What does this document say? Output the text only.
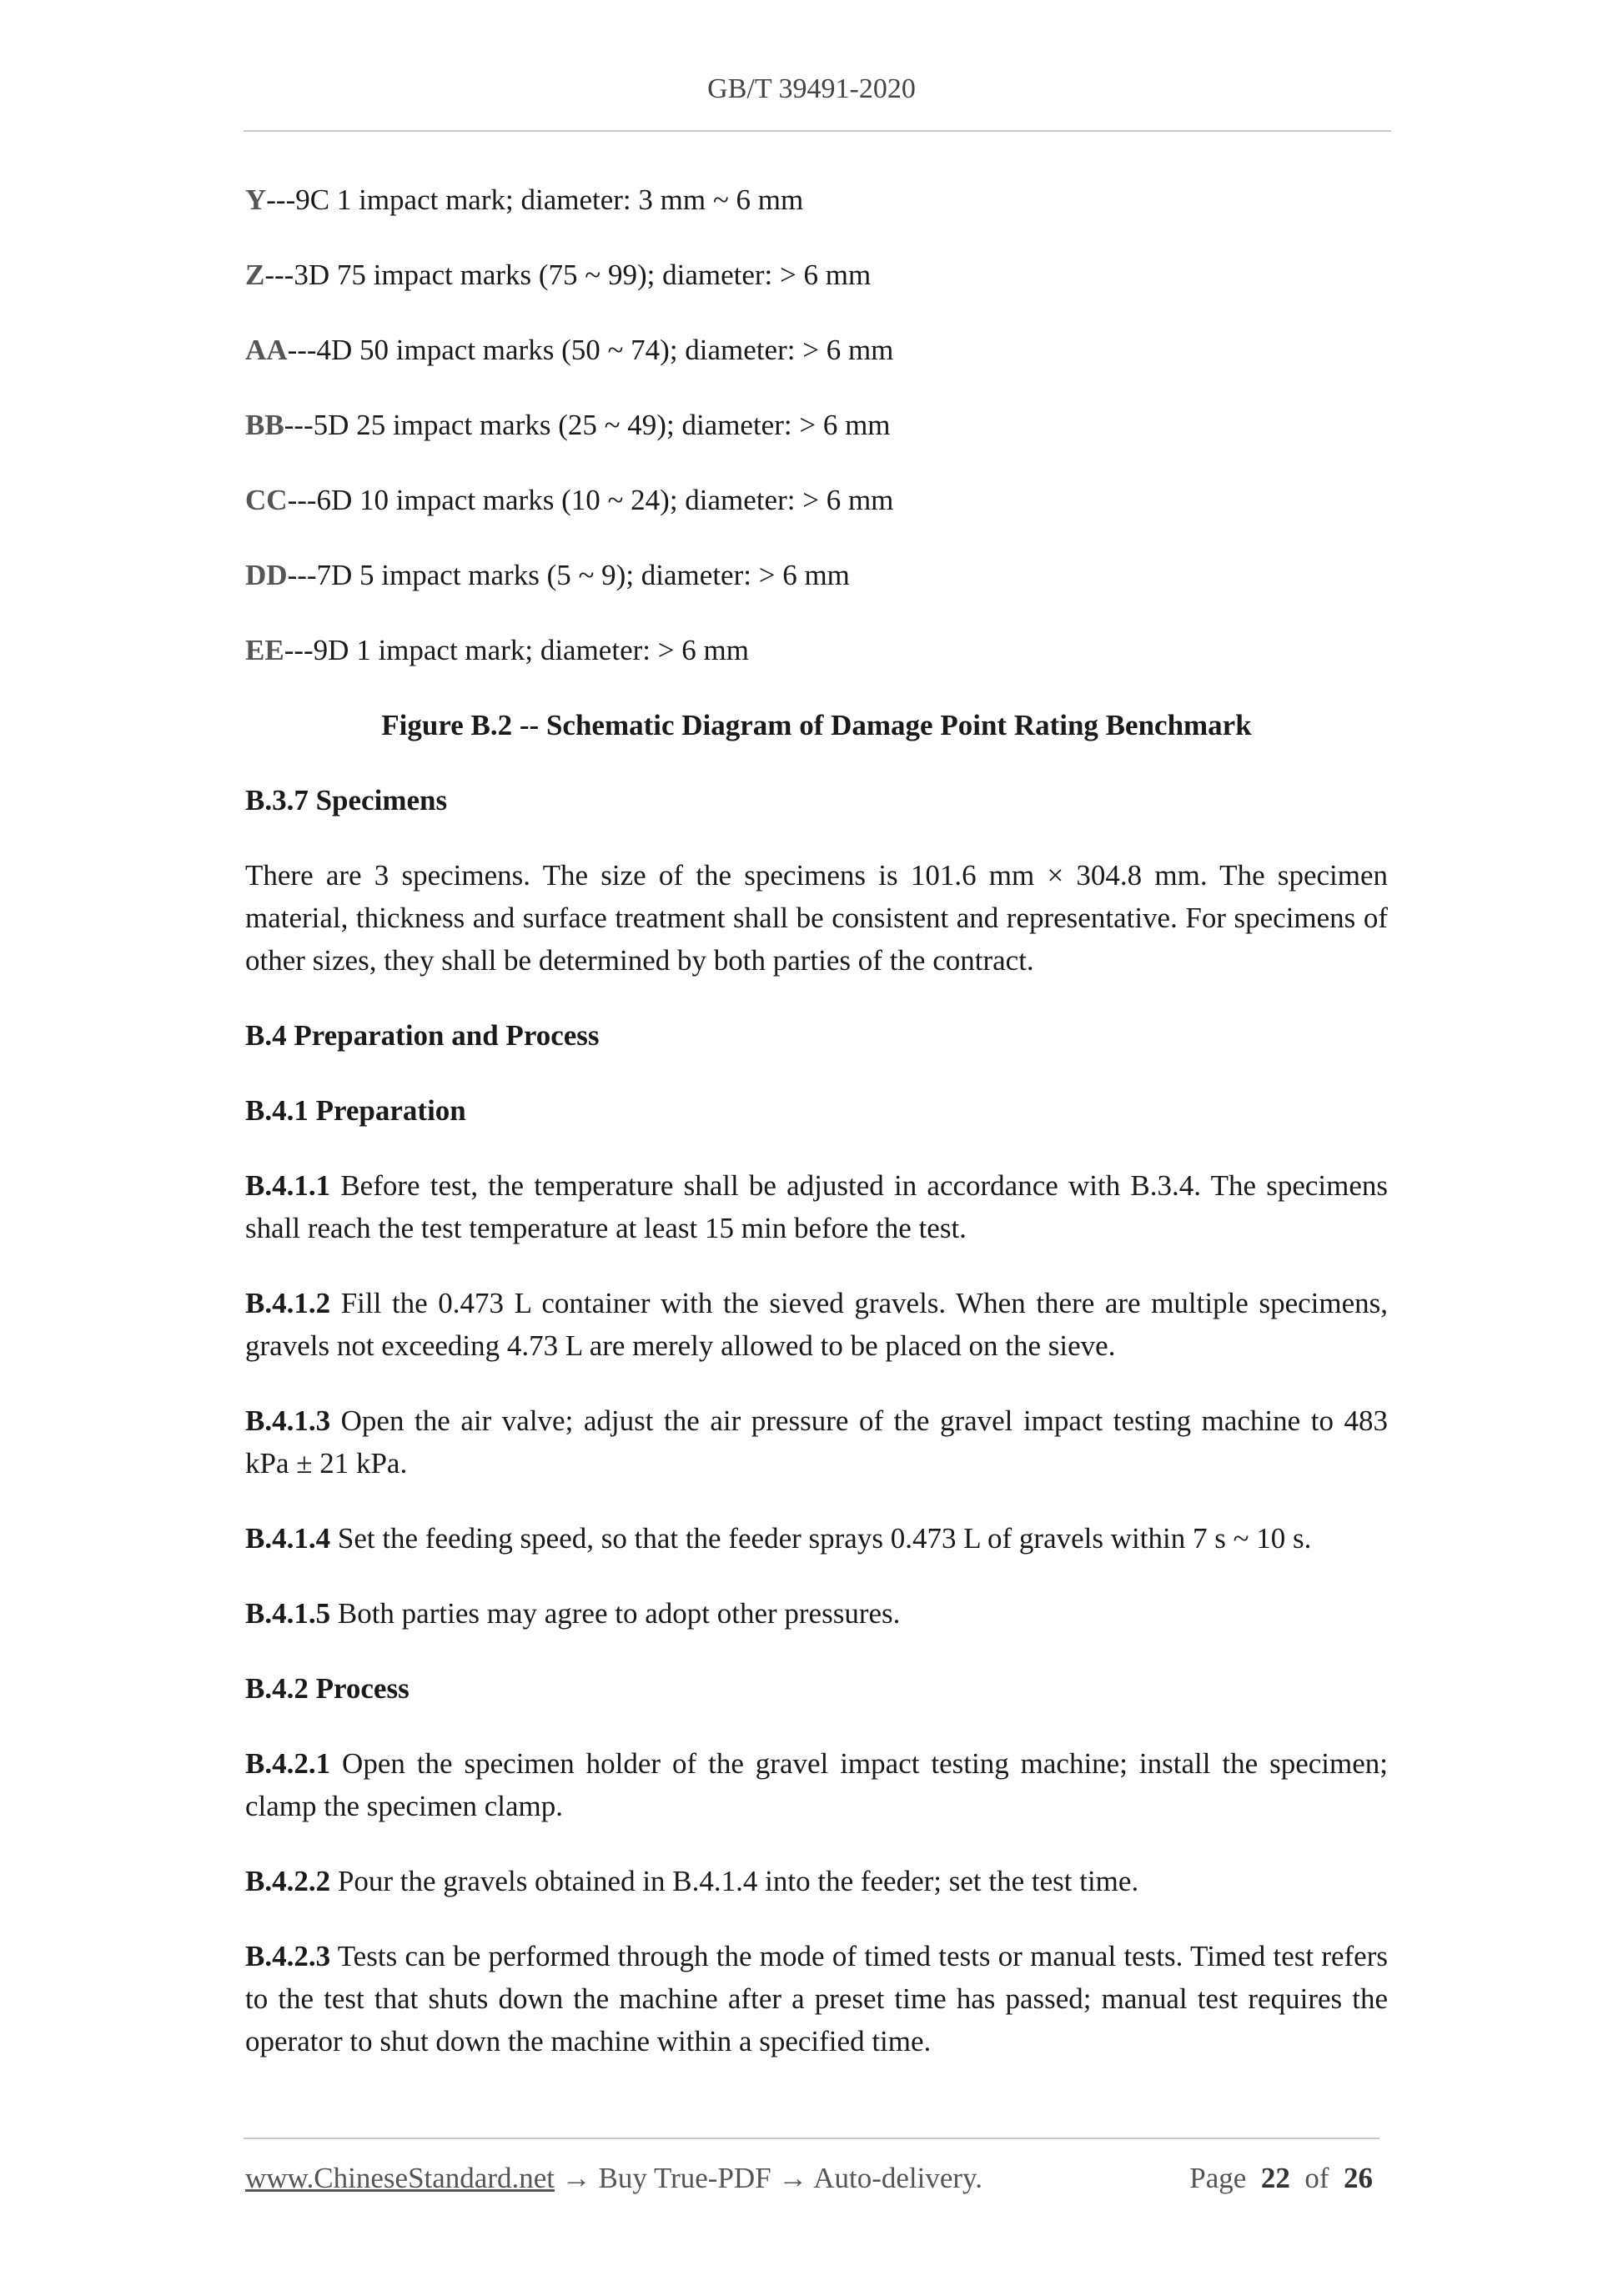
GB/T 39491-2020

Y---9C 1 impact mark; diameter: 3 mm ~ 6 mm

Z---3D 75 impact marks (75 ~ 99); diameter: > 6 mm

AA---4D 50 impact marks (50 ~ 74); diameter: > 6 mm

BB---5D 25 impact marks (25 ~ 49); diameter: > 6 mm

CC---6D 10 impact marks (10 ~ 24); diameter: > 6 mm

DD---7D 5 impact marks (5 ~ 9); diameter: > 6 mm

EE---9D 1 impact mark; diameter: > 6 mm

Figure B.2 -- Schematic Diagram of Damage Point Rating Benchmark

B.3.7 Specimens

There are 3 specimens. The size of the specimens is 101.6 mm × 304.8 mm. The specimen material, thickness and surface treatment shall be consistent and representative. For specimens of other sizes, they shall be determined by both parties of the contract.

B.4 Preparation and Process

B.4.1 Preparation

B.4.1.1 Before test, the temperature shall be adjusted in accordance with B.3.4. The specimens shall reach the test temperature at least 15 min before the test.

B.4.1.2 Fill the 0.473 L container with the sieved gravels. When there are multiple specimens, gravels not exceeding 4.73 L are merely allowed to be placed on the sieve.

B.4.1.3 Open the air valve; adjust the air pressure of the gravel impact testing machine to 483 kPa ± 21 kPa.

B.4.1.4 Set the feeding speed, so that the feeder sprays 0.473 L of gravels within 7 s ~ 10 s.

B.4.1.5 Both parties may agree to adopt other pressures.

B.4.2 Process

B.4.2.1 Open the specimen holder of the gravel impact testing machine; install the specimen; clamp the specimen clamp.

B.4.2.2 Pour the gravels obtained in B.4.1.4 into the feeder; set the test time.

B.4.2.3 Tests can be performed through the mode of timed tests or manual tests. Timed test refers to the test that shuts down the machine after a preset time has passed; manual test requires the operator to shut down the machine within a specified time.

www.ChineseStandard.net → Buy True-PDF → Auto-delivery.	Page 22 of 26
